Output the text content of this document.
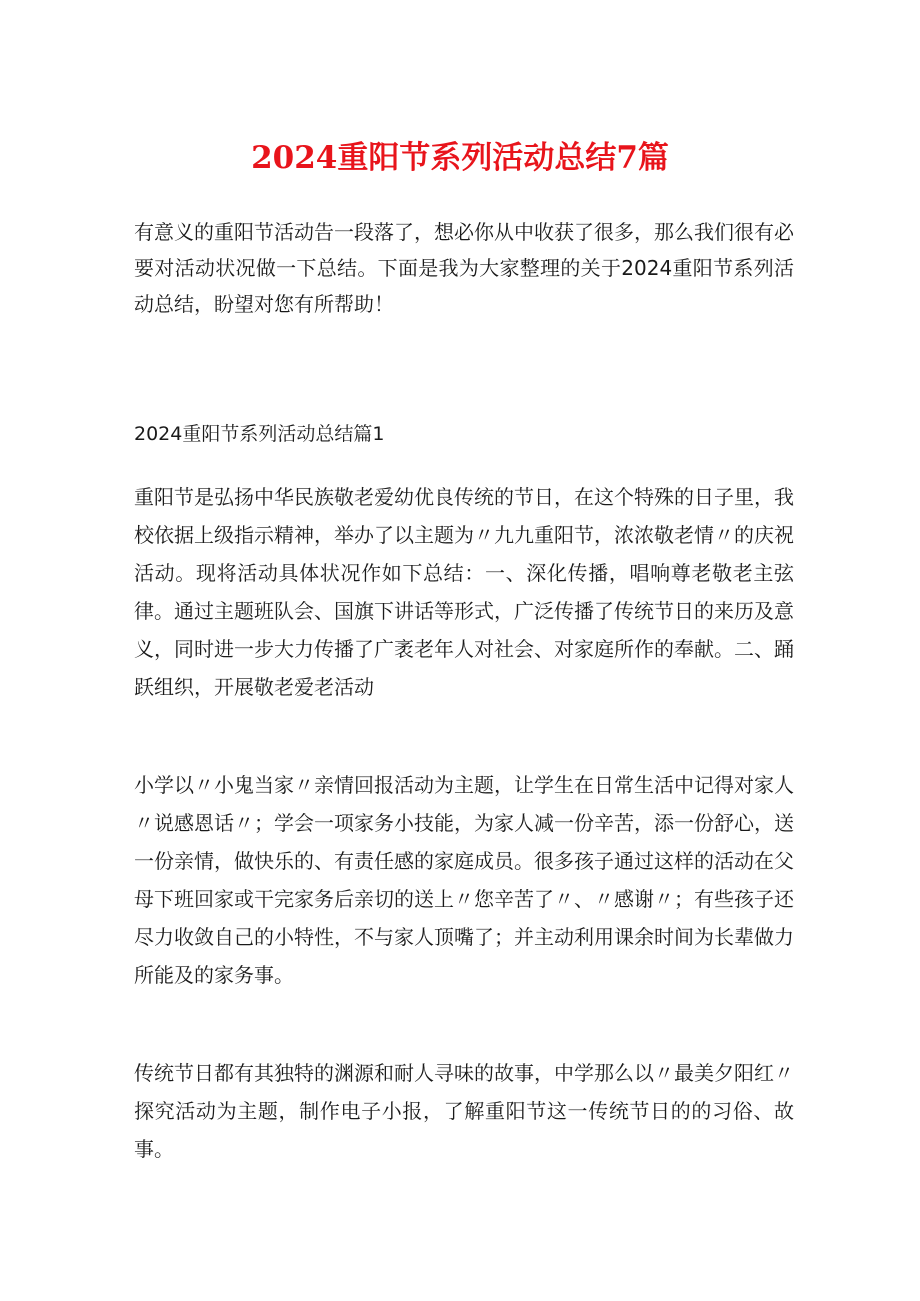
2024重阳节系列活动总结7篇

有意义的重阳节活动告一段落了，想必你从中收获了很多，那么我们很有必要对活动状况做一下总结。下面是我为大家整理的关于2024重阳节系列活动总结，盼望对您有所帮助！

2024重阳节系列活动总结篇1

重阳节是弘扬中华民族敬老爱幼优良传统的节日，在这个特殊的日子里，我校依据上级指示精神，举办了以主题为〃九九重阳节，浓浓敬老情〃的庆祝活动。现将活动具体状况作如下总结：一、深化传播，唱响尊老敬老主弦律。通过主题班队会、国旗下讲话等形式，广泛传播了传统节日的来历及意义，同时进一步大力传播了广袤老年人对社会、对家庭所作的奉献。二、踊跃组织，开展敬老爱老活动

小学以〃小鬼当家〃亲情回报活动为主题，让学生在日常生活中记得对家人〃说感恩话〃；学会一项家务小技能，为家人减一份辛苦，添一份舒心，送一份亲情，做快乐的、有责任感的家庭成员。很多孩子通过这样的活动在父母下班回家或干完家务后亲切的送上〃您辛苦了〃、〃感谢〃；有些孩子还尽力收敛自己的小特性，不与家人顶嘴了；并主动利用课余时间为长辈做力所能及的家务事。

传统节日都有其独特的渊源和耐人寻味的故事，中学那么以〃最美夕阳红〃探究活动为主题，制作电子小报，了解重阳节这一传统节日的的习俗、故事。
